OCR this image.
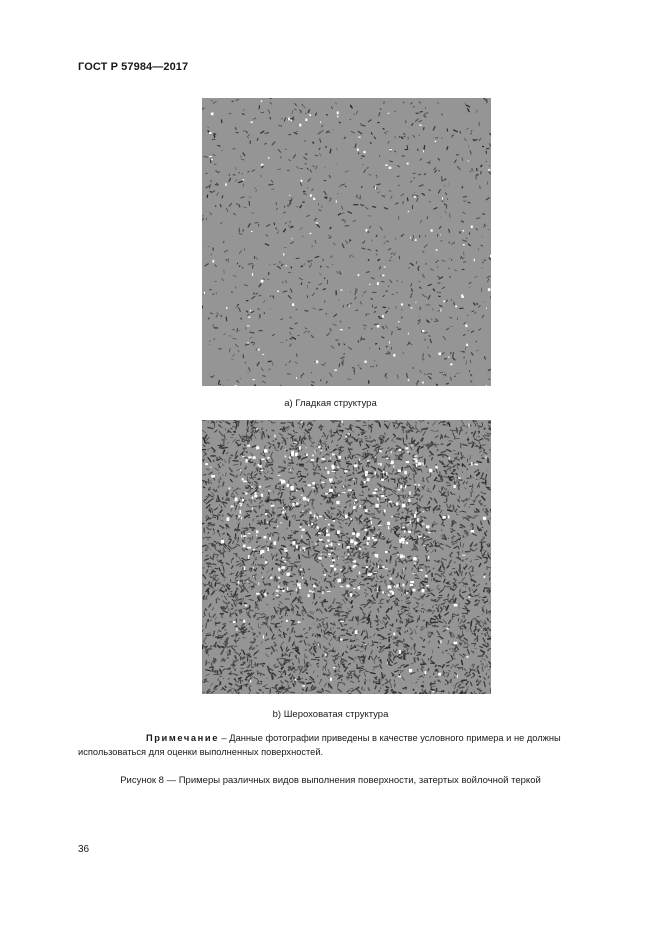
ГОСТ Р 57984—2017
а) Гладкая структура
b) Шероховатая структура
Примечание – Данные фотографии приведены в качестве условного примера и не должны использоваться для оценки выполненных поверхностей.
Рисунок 8 — Примеры различных видов выполнения поверхности, затертых войлочной теркой
36
